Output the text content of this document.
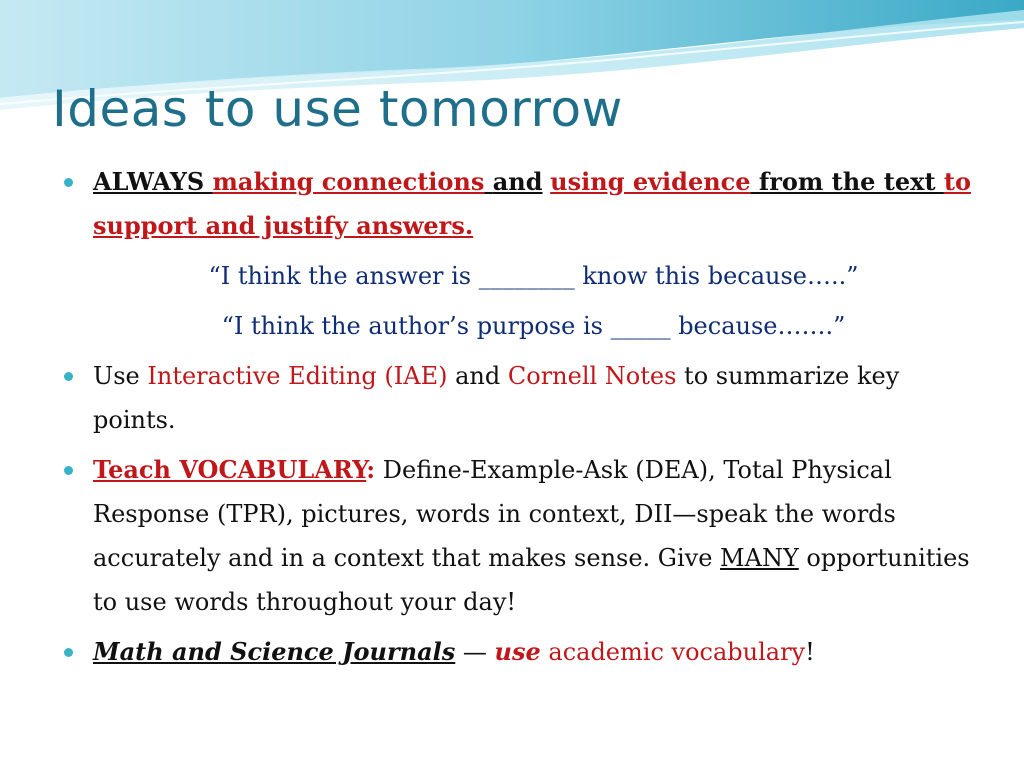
Ideas to use tomorrow
ALWAYS making connections and using evidence from the text to support and justify answers.
“I think the answer is ________ know this because…..”
“I think the author’s purpose is _____ because…….”
Use Interactive Editing (IAE) and Cornell Notes to summarize key points.
Teach VOCABULARY: Define-Example-Ask (DEA), Total Physical Response (TPR), pictures, words in context, DII—speak the words accurately and in a context that makes sense. Give MANY opportunities to use words throughout your day!
Math and Science Journals — use academic vocabulary!
